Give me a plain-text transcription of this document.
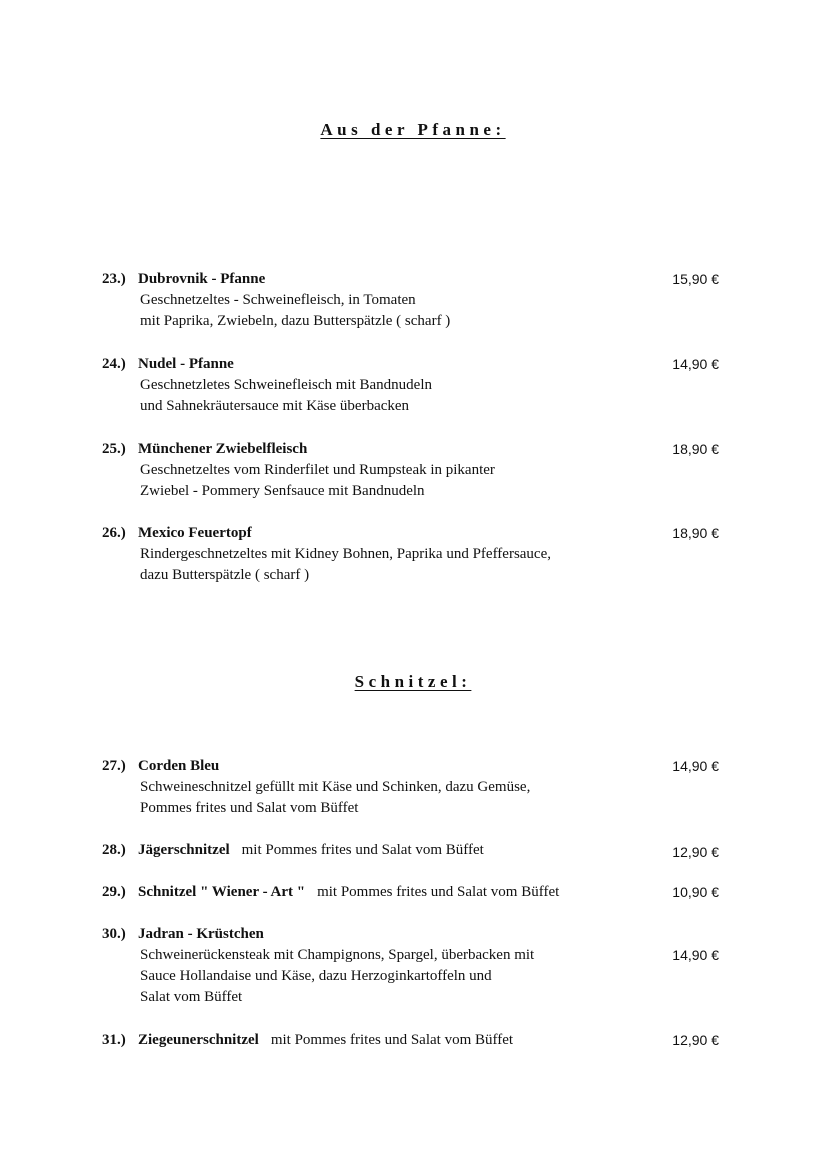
Aus der Pfanne:
23.) Dubrovnik - Pfanne	15,90 €
Geschnetzeltes - Schweinefleisch, in Tomaten
mit Paprika, Zwiebeln, dazu Butterspätzle ( scharf )
24.) Nudel - Pfanne	14,90 €
Geschnetzletes Schweinefleisch mit Bandnudeln
und Sahnekräutersauce mit Käse überbacken
25.) Münchener Zwiebelfleisch	18,90 €
Geschnetzeltes vom Rinderfilet und Rumpsteak in pikanter
Zwiebel - Pommery Senfsauce mit Bandnudeln
26.) Mexico Feuertopf	18,90 €
Rindergeschnetzeltes mit Kidney Bohnen, Paprika und Pfeffersauce,
dazu Butterspätzle ( scharf )
Schnitzel:
27.) Corden Bleu	14,90 €
Schweineschnitzel gefüllt mit Käse und Schinken, dazu Gemüse,
Pommes frites und Salat vom Büffet
28.) Jägerschnitzel mit Pommes frites und Salat vom Büffet	12,90 €
29.) Schnitzel " Wiener - Art " mit Pommes frites und Salat vom Büffet	10,90 €
30.) Jadran - Krüstchen
Schweinerückensteak mit Champignons, Spargel, überbacken mit	14,90 €
Sauce Hollandaise und Käse, dazu Herzoginkartoffeln und
Salat vom Büffet
31.) Ziegeunerschnitzel mit Pommes frites und Salat vom Büffet	12,90 €
